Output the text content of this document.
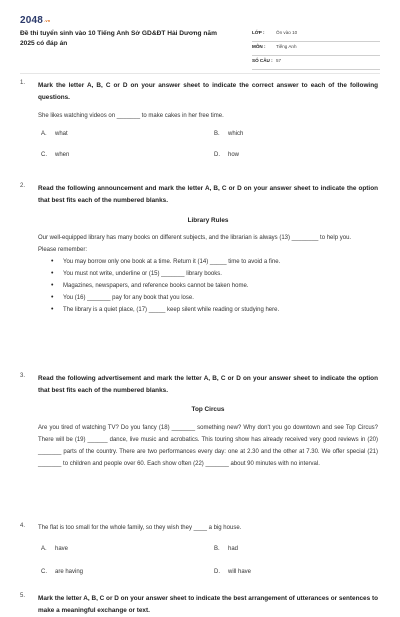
2048.vn
Đề thi tuyển sinh vào 10 Tiếng Anh Sở GD&ĐT Hải Dương năm 2025 có đáp án
LỚP : Ôn vào 10
MÔN : Tiếng Anh
SỐ CÂU : 57
1. Mark the letter A, B, C or D on your answer sheet to indicate the correct answer to each of the following questions.

She likes watching videos on _______ to make cakes in her free time.

A. what	B. which
C. when	D. how
2. Read the following announcement and mark the letter A, B, C or D on your answer sheet to indicate the option that best fits each of the numbered blanks.

Library Rules

Our well-equipped library has many books on different subjects, and the librarian is always (13) ________ to help you.

Please remember:

• You may borrow only one book at a time. Return it (14) _____ time to avoid a fine.
• You must not write, underline or (15) _______ library books.
• Magazines, newspapers, and reference books cannot be taken home.
• You (16) _______ pay for any book that you lose.
• The library is a quiet place, (17) _____ keep silent while reading or studying here.
3. Read the following advertisement and mark the letter A, B, C or D on your answer sheet to indicate the option that best fits each of the numbered blanks.

Top Circus

Are you tired of watching TV? Do you fancy (18) _______ something new? Why don't you go downtown and see Top Circus? There will be (19) ______ dance, live music and acrobatics. This touring show has already received very good reviews in (20) _______ parts of the country. There are two performances every day: one at 2.30 and the other at 7.30. We offer special (21) _______ to children and people over 60. Each show often (22) _______ about 90 minutes with no interval.

4. The flat is too small for the whole family, so they wish they ____ a big house.

A. have	B. had
C. are having	D. will have
5. Mark the letter A, B, C or D on your answer sheet to indicate the best arrangement of utterances or sentences to make a meaningful exchange or text.
